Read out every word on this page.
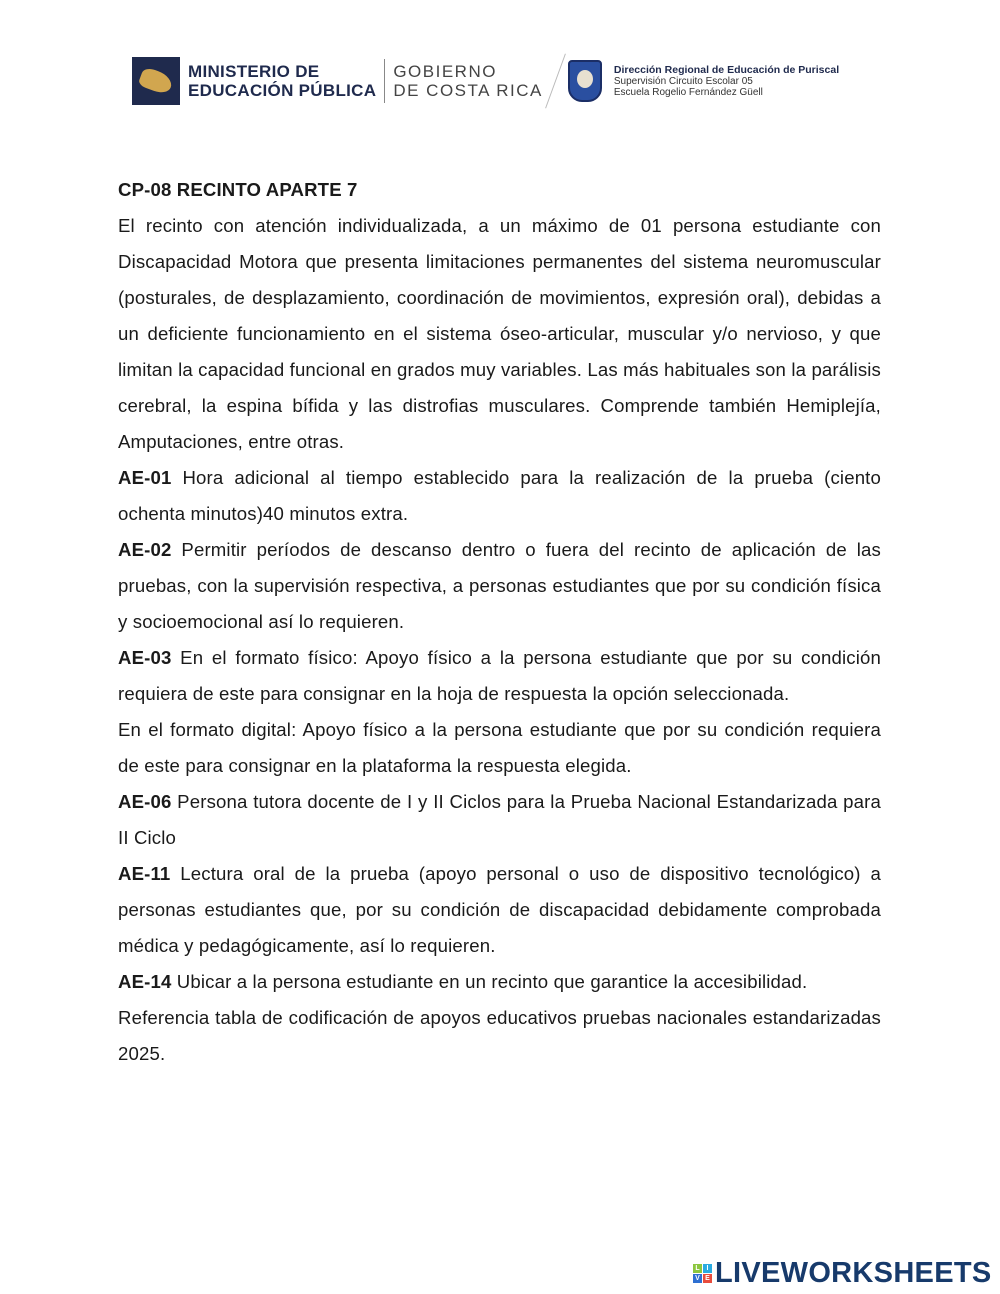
MINISTERIO DE
EDUCACIÓN PÚBLICA
GOBIERNO
DE COSTA RICA
Dirección Regional de Educación de Puriscal
Supervisión Circuito Escolar 05
Escuela Rogelio Fernández Güell

CP-08 RECINTO APARTE 7

El recinto con atención individualizada, a un máximo de 01 persona estudiante con Discapacidad Motora que presenta limitaciones permanentes del sistema neuromuscular (posturales, de desplazamiento, coordinación de movimientos, expresión oral), debidas a un deficiente funcionamiento en el sistema óseo-articular, muscular y/o nervioso, y que limitan la capacidad funcional en grados muy variables. Las más habituales son la parálisis cerebral, la espina bífida y las distrofias musculares. Comprende también Hemiplejía, Amputaciones, entre otras.

AE-01 Hora adicional al tiempo establecido para la realización de la prueba (ciento ochenta minutos)40 minutos extra.

AE-02 Permitir períodos de descanso dentro o fuera del recinto de aplicación de las pruebas, con la supervisión respectiva, a personas estudiantes que por su condición física y socioemocional así lo requieren.

AE-03 En el formato físico: Apoyo físico a la persona estudiante que por su condición requiera de este para consignar en la hoja de respuesta la opción seleccionada.

En el formato digital: Apoyo físico a la persona estudiante que por su condición requiera de este para consignar en la plataforma la respuesta elegida.

AE-06 Persona tutora docente de I y II Ciclos para la Prueba Nacional Estandarizada para II Ciclo

AE-11 Lectura oral de la prueba (apoyo personal o uso de dispositivo tecnológico) a personas estudiantes que, por su condición de discapacidad debidamente comprobada médica y pedagógicamente, así lo requieren.

AE-14 Ubicar a la persona estudiante en un recinto que garantice la accesibilidad.

Referencia tabla de codificación de apoyos educativos pruebas nacionales estandarizadas 2025.

L I
V E LIVEWORKSHEETS
